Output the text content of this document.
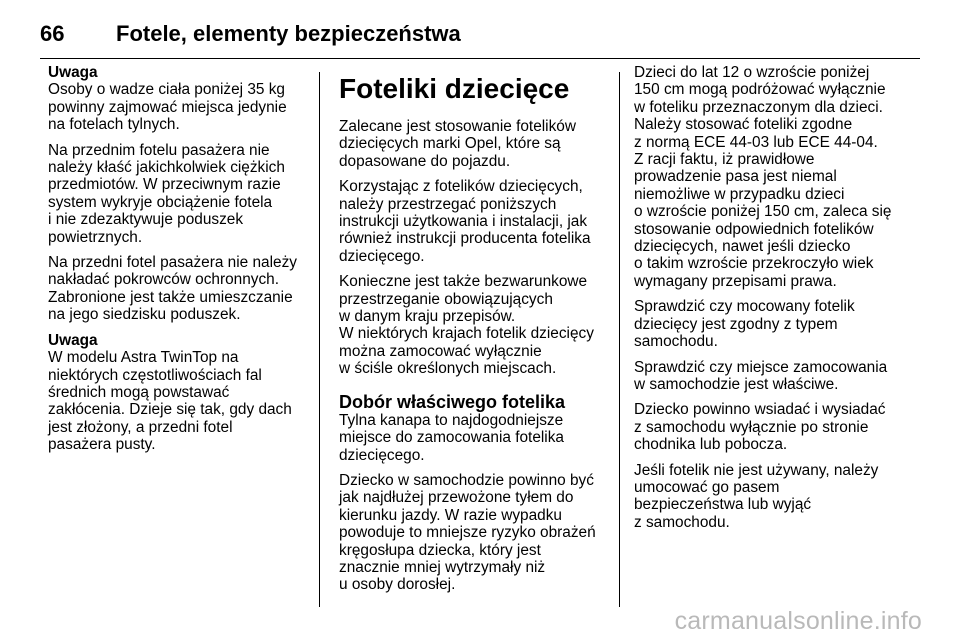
66	Fotele, elementy bezpieczeństwa

Uwaga

Osoby o wadze ciała poniżej 35 kg
powinny zajmować miejsca jedynie
na fotelach tylnych.

Na przednim fotelu pasażera nie
należy kłaść jakichkolwiek ciężkich
przedmiotów. W przeciwnym razie
system wykryje obciążenie fotela
i nie zdezaktywuje poduszek
powietrznych.

Na przedni fotel pasażera nie należy
nakładać pokrowców ochronnych.
Zabronione jest także umieszczanie
na jego siedzisku poduszek.

Uwaga

W modelu Astra TwinTop na
niektórych częstotliwościach fal
średnich mogą powstawać
zakłócenia. Dzieje się tak, gdy dach
jest złożony, a przedni fotel
pasażera pusty.

Foteliki dziecięce

Zalecane jest stosowanie fotelików
dziecięcych marki Opel, które są
dopasowane do pojazdu.

Korzystając z fotelików dziecięcych,
należy przestrzegać poniższych
instrukcji użytkowania i instalacji, jak
również instrukcji producenta fotelika
dziecięcego.

Konieczne jest także bezwarunkowe
przestrzeganie obowiązujących
w danym kraju przepisów.
W niektórych krajach fotelik dziecięcy
można zamocować wyłącznie
w ściśle określonych miejscach.

Dobór właściwego fotelika

Tylna kanapa to najdogodniejsze
miejsce do zamocowania fotelika
dziecięcego.

Dziecko w samochodzie powinno być
jak najdłużej przewożone tyłem do
kierunku jazdy. W razie wypadku
powoduje to mniejsze ryzyko obrażeń
kręgosłupa dziecka, który jest
znacznie mniej wytrzymały niż
u osoby dorosłej.

Dzieci do lat 12 o wzroście poniżej
150 cm mogą podróżować wyłącznie
w foteliku przeznaczonym dla dzieci.
Należy stosować foteliki zgodne
z normą ECE 44-03 lub ECE 44-04.
Z racji faktu, iż prawidłowe
prowadzenie pasa jest niemal
niemożliwe w przypadku dzieci
o wzroście poniżej 150 cm, zaleca się
stosowanie odpowiednich fotelików
dziecięcych, nawet jeśli dziecko
o takim wzroście przekroczyło wiek
wymagany przepisami prawa.

Sprawdzić czy mocowany fotelik
dziecięcy jest zgodny z typem
samochodu.

Sprawdzić czy miejsce zamocowania
w samochodzie jest właściwe.

Dziecko powinno wsiadać i wysiadać
z samochodu wyłącznie po stronie
chodnika lub pobocza.

Jeśli fotelik nie jest używany, należy
umocować go pasem
bezpieczeństwa lub wyjąć
z samochodu.

carmanualsonline.info
